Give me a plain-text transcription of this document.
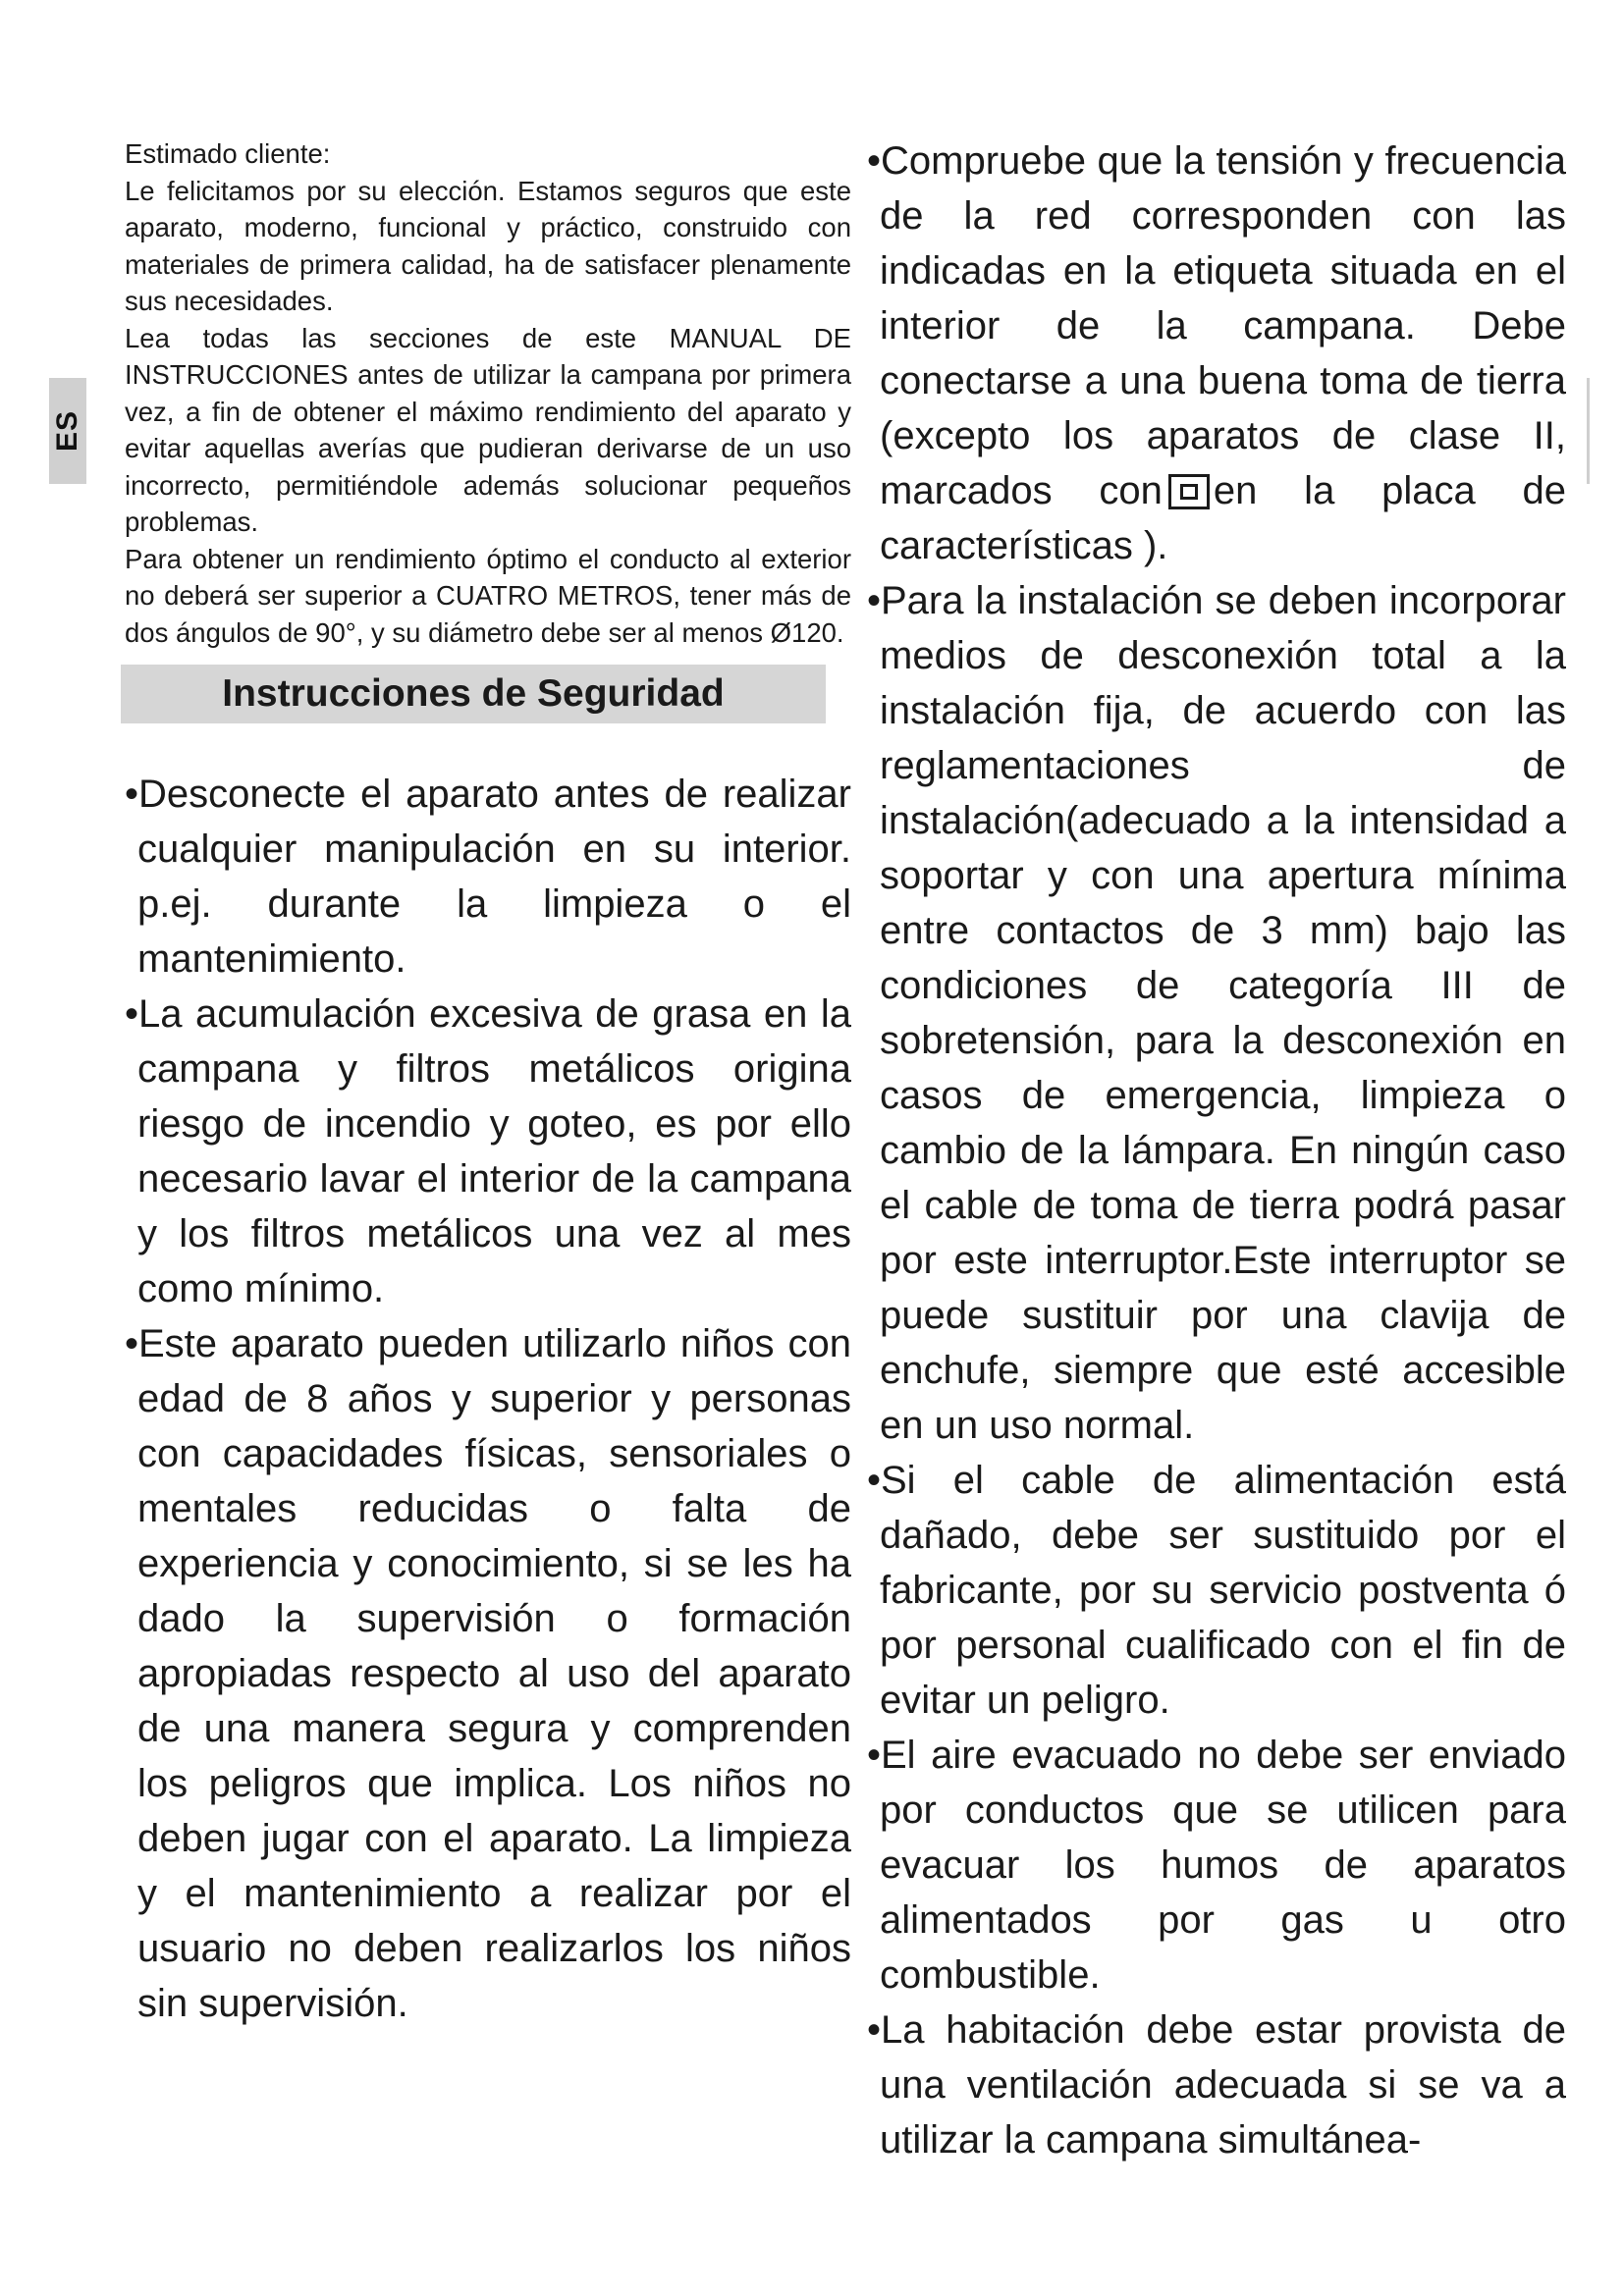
ES

Estimado cliente:

Le felicitamos por su elección. Estamos seguros que este aparato, moderno, funcional y práctico, construido con materiales de primera calidad, ha de satisfacer plenamente sus necesidades.

Lea todas las secciones de este MANUAL DE INSTRUCCIONES antes de utilizar la campana por primera vez, a fin de obtener el máximo rendimiento del aparato y evitar aquellas averías que pudieran derivarse de un uso incorrecto, permitiéndole además solucionar pequeños problemas.

Para obtener un rendimiento óptimo el conducto al exterior no deberá ser superior a CUATRO METROS, tener más de dos ángulos de 90°, y su diámetro debe ser al menos Ø120.

Instrucciones de Seguridad

•Desconecte el aparato antes de realizar cualquier manipulación en su interior. p.ej. durante la limpieza o el mantenimiento.

•La acumulación excesiva de grasa en la campana y filtros metálicos origina riesgo de incendio y goteo, es por ello necesario lavar el interior de la campana y los filtros metálicos una vez al mes como mínimo.

•Este aparato pueden utilizarlo niños con edad de 8 años y superior y personas con capacidades físicas, sensoriales o mentales reducidas o falta de experiencia y conocimiento, si se les ha dado la supervisión o formación apropiadas respecto al uso del aparato de una manera segura y comprenden los peligros que implica. Los niños no deben jugar con el aparato. La limpieza y el mantenimiento a realizar por el usuario no deben realizarlos los niños sin supervisión.

•Compruebe que la tensión y frecuencia de la red corresponden con las indicadas en la etiqueta situada en el interior de la campana. Debe conectarse a una buena toma de tierra (excepto los aparatos de clase II, marcados con en la placa de características ).

•Para la instalación se deben incorporar medios de desconexión total a la instalación fija, de acuerdo con las reglamentaciones de instalación(adecuado a la intensidad a soportar y con una apertura mínima entre contactos de 3 mm) bajo las condiciones de categoría III de sobretensión, para la desconexión en casos de emergencia, limpieza o cambio de la lámpara. En ningún caso el cable de toma de tierra podrá pasar por este interruptor.Este interruptor se puede sustituir por una clavija de enchufe, siempre que esté accesible en un uso normal.

•Si el cable de alimentación está dañado, debe ser sustituido por el fabricante, por su servicio postventa ó por personal cualificado con el fin de evitar un peligro.

•El aire evacuado no debe ser enviado por conductos que se utilicen para evacuar los humos de aparatos alimentados por gas u otro combustible.

•La habitación debe estar provista de una ventilación adecuada si se va a utilizar la campana simultánea-
